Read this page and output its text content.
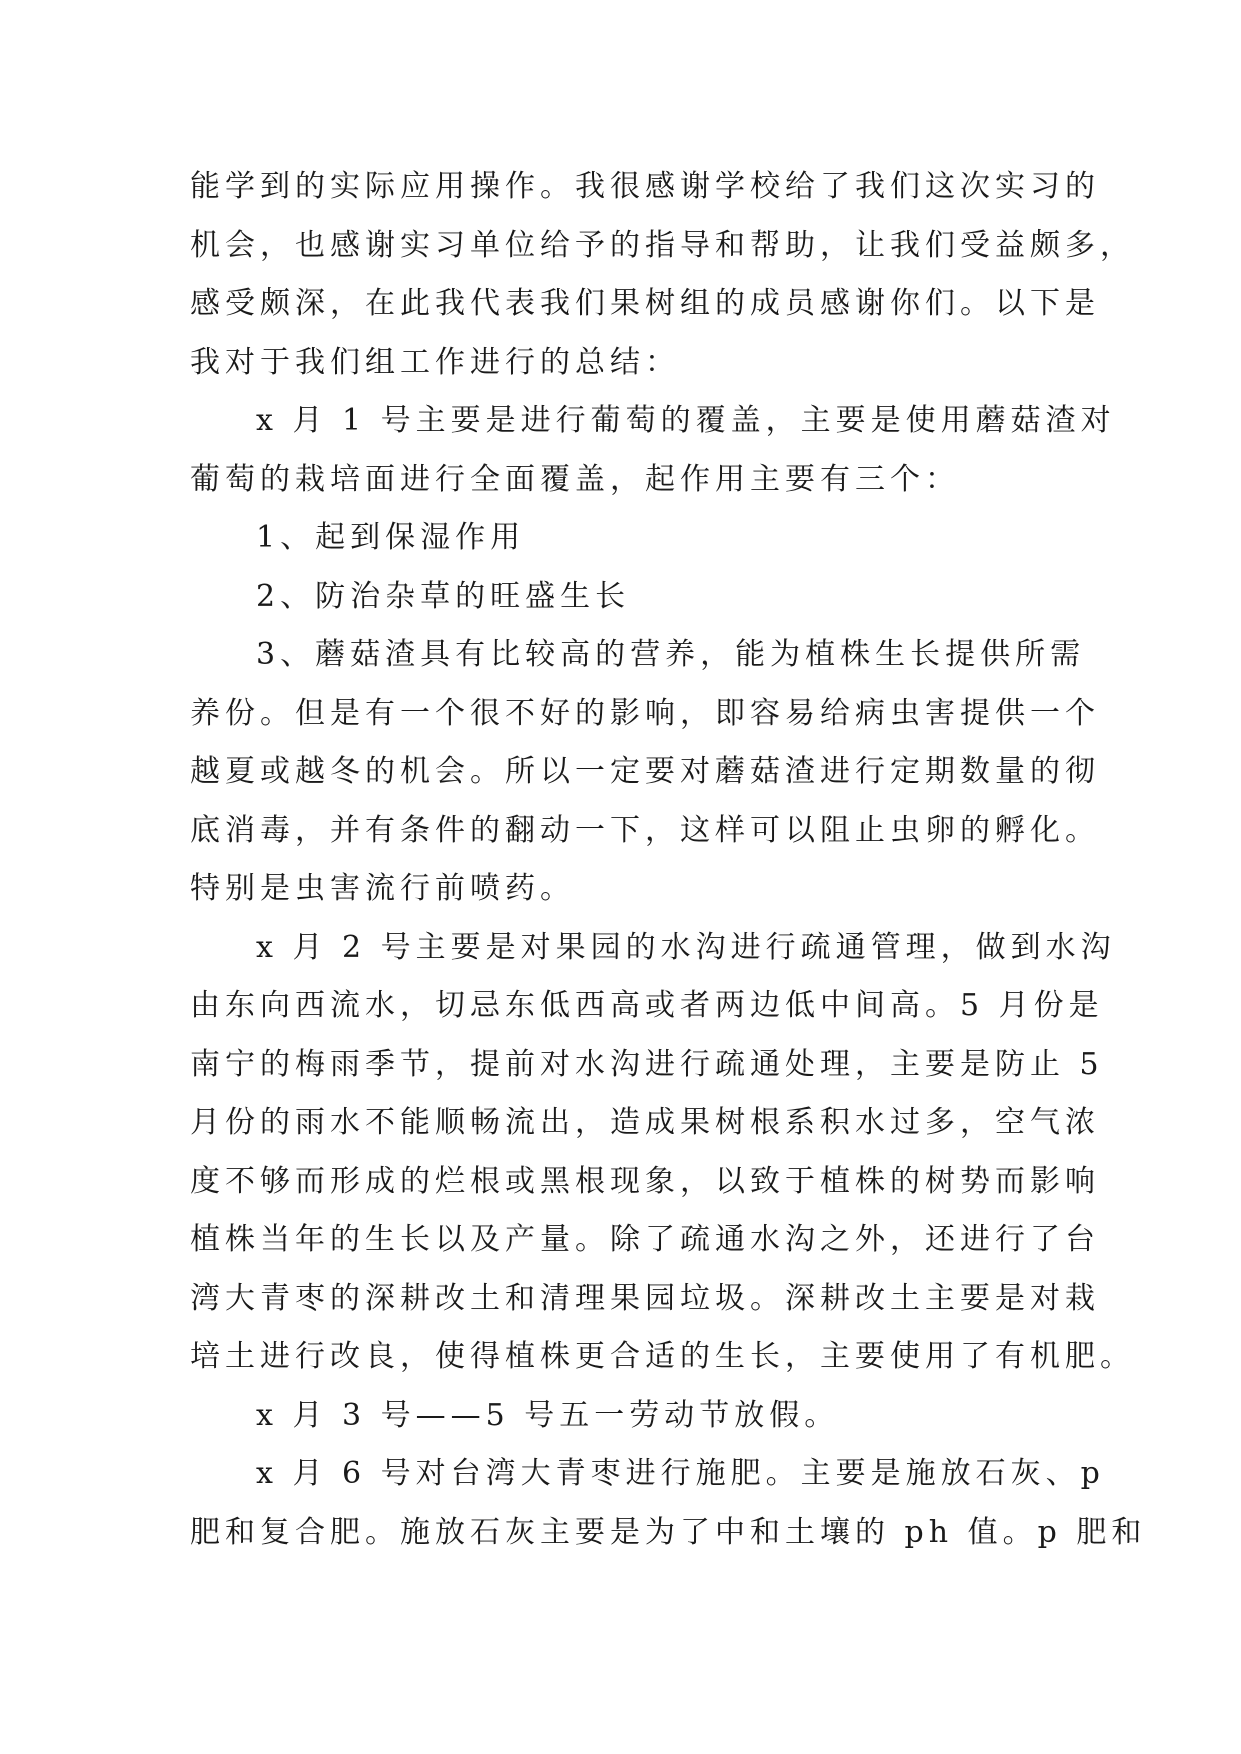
能学到的实际应用操作。我很感谢学校给了我们这次实习的
机会，也感谢实习单位给予的指导和帮助，让我们受益颇多，
感受颇深，在此我代表我们果树组的成员感谢你们。以下是
我对于我们组工作进行的总结：
x 月 1 号主要是进行葡萄的覆盖，主要是使用蘑菇渣对
葡萄的栽培面进行全面覆盖，起作用主要有三个：
1、起到保湿作用
2、防治杂草的旺盛生长
3、蘑菇渣具有比较高的营养，能为植株生长提供所需
养份。但是有一个很不好的影响，即容易给病虫害提供一个
越夏或越冬的机会。所以一定要对蘑菇渣进行定期数量的彻
底消毒，并有条件的翻动一下，这样可以阻止虫卵的孵化。
特别是虫害流行前喷药。
x 月 2 号主要是对果园的水沟进行疏通管理，做到水沟
由东向西流水，切忌东低西高或者两边低中间高。5 月份是
南宁的梅雨季节，提前对水沟进行疏通处理，主要是防止 5
月份的雨水不能顺畅流出，造成果树根系积水过多，空气浓
度不够而形成的烂根或黑根现象，以致于植株的树势而影响
植株当年的生长以及产量。除了疏通水沟之外，还进行了台
湾大青枣的深耕改土和清理果园垃圾。深耕改土主要是对栽
培土进行改良，使得植株更合适的生长，主要使用了有机肥。
x 月 3 号——5 号五一劳动节放假。
x 月 6 号对台湾大青枣进行施肥。主要是施放石灰、p
肥和复合肥。施放石灰主要是为了中和土壤的 ph 值。p 肥和
